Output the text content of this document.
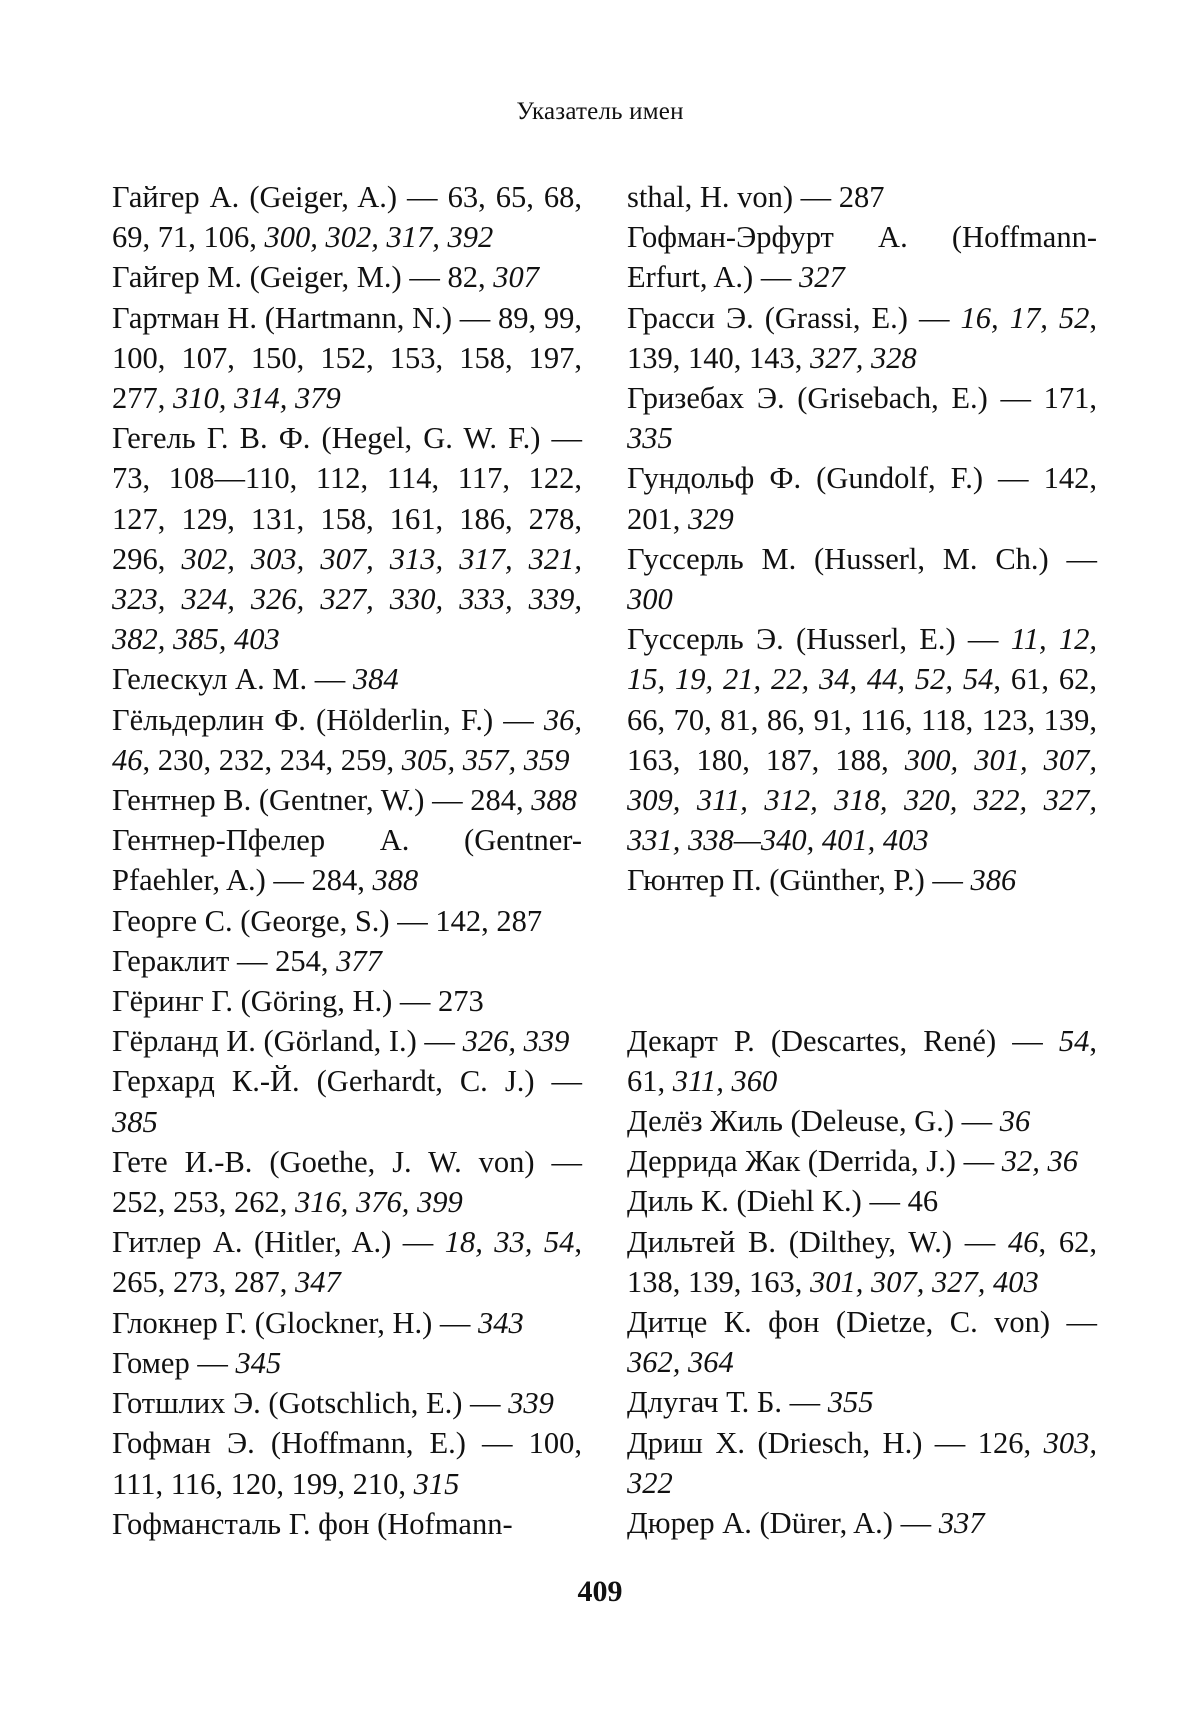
Указатель имен

Гайгер А. (Geiger, A.) — 63, 65, 68, 69, 71, 106, 300, 302, 317, 392

Гайгер М. (Geiger, M.) — 82, 307

Гартман Н. (Hartmann, N.) — 89, 99, 100, 107, 150, 152, 153, 158, 197, 277, 310, 314, 379

Гегель Г. В. Ф. (Hegel, G. W. F.) — 73, 108—110, 112, 114, 117, 122, 127, 129, 131, 158, 161, 186, 278, 296, 302, 303, 307, 313, 317, 321, 323, 324, 326, 327, 330, 333, 339, 382, 385, 403

Гелескул А. М. — 384

Гёльдерлин Ф. (Hölderlin, F.) — 36, 46, 230, 232, 234, 259, 305, 357, 359

Гентнер В. (Gentner, W.) — 284, 388

Гентнер-Пфелер А. (Gentner-Pfaehler, A.) — 284, 388

Георге С. (George, S.) — 142, 287

Гераклит — 254, 377

Гёринг Г. (Göring, H.) — 273

Гёрланд И. (Görland, I.) — 326, 339

Герхард К.-Й. (Gerhardt, C. J.) — 385

Гете И.-В. (Goethe, J. W. von) — 252, 253, 262, 316, 376, 399

Гитлер А. (Hitler, A.) — 18, 33, 54, 265, 273, 287, 347

Глокнер Г. (Glockner, H.) — 343

Гомер — 345

Готшлих Э. (Gotschlich, E.) — 339

Гофман Э. (Hoffmann, E.) — 100, 111, 116, 120, 199, 210, 315

Гофмансталь Г. фон (Hofmann-

sthal, H. von) — 287

Гофман-Эрфурт А. (Hoffmann-Erfurt, A.) — 327

Грасси Э. (Grassi, E.) — 16, 17, 52, 139, 140, 143, 327, 328

Гризебах Э. (Grisebach, E.) — 171, 335

Гундольф Ф. (Gundolf, F.) — 142, 201, 329

Гуссерль М. (Husserl, M. Ch.) — 300

Гуссерль Э. (Husserl, E.) — 11, 12, 15, 19, 21, 22, 34, 44, 52, 54, 61, 62, 66, 70, 81, 86, 91, 116, 118, 123, 139, 163, 180, 187, 188, 300, 301, 307, 309, 311, 312, 318, 320, 322, 327, 331, 338—340, 401, 403

Гюнтер П. (Günther, P.) — 386

Декарт Р. (Descartes, René) — 54, 61, 311, 360

Делёз Жиль (Deleuse, G.) — 36

Деррида Жак (Derrida, J.) — 32, 36

Диль К. (Diehl K.) — 46

Дильтей В. (Dilthey, W.) — 46, 62, 138, 139, 163, 301, 307, 327, 403

Дитце К. фон (Dietze, C. von) — 362, 364

Длугач Т. Б. — 355

Дриш Х. (Driesch, H.) — 126, 303, 322

Дюрер А. (Dürer, A.) — 337

409
